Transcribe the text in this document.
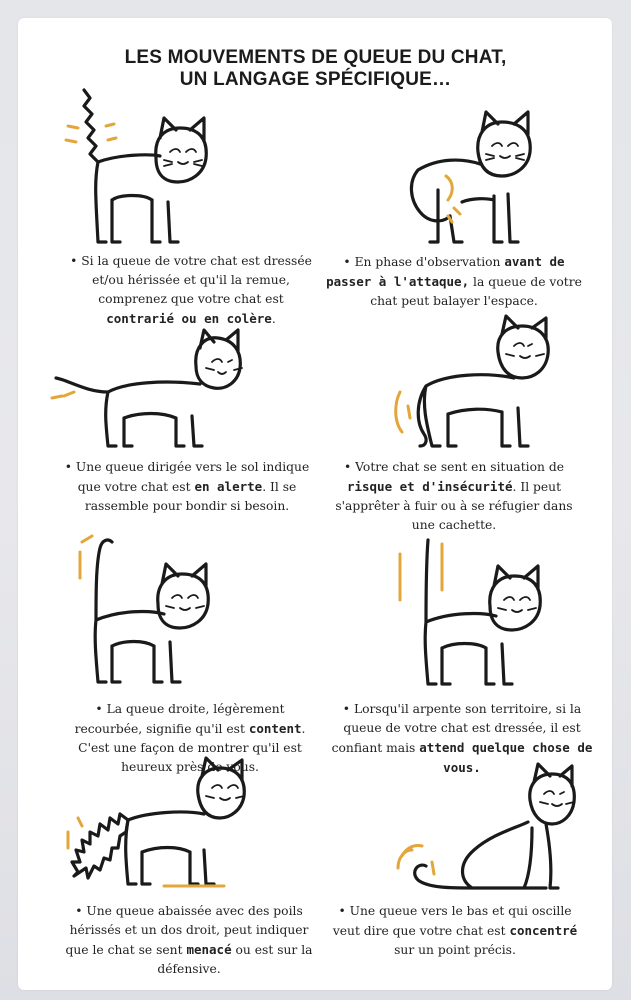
LES MOUVEMENTS DE QUEUE DU CHAT,
UN LANGAGE SPÉCIFIQUE…
• Si la queue de votre chat est dressée et/ou hérissée et qu'il la remue, comprenez que votre chat est contrarié ou en colère.
• En phase d'observation avant de passer à l'attaque, la queue de votre chat peut balayer l'espace.
• Une queue dirigée vers le sol indique que votre chat est en alerte. Il se rassemble pour bondir si besoin.
• Votre chat se sent en situation de risque et d'insécurité. Il peut s'apprêter à fuir ou à se réfugier dans une cachette.
• La queue droite, légèrement recourbée, signifie qu'il est content. C'est une façon de montrer qu'il est heureux près de vous.
• Lorsqu'il arpente son territoire, si la queue de votre chat est dressée, il est confiant mais attend quelque chose de vous.
• Une queue abaissée avec des poils hérissés et un dos droit, peut indiquer que le chat se sent menacé ou est sur la défensive.
• Une queue vers le bas et qui oscille veut dire que votre chat est concentré sur un point précis.
